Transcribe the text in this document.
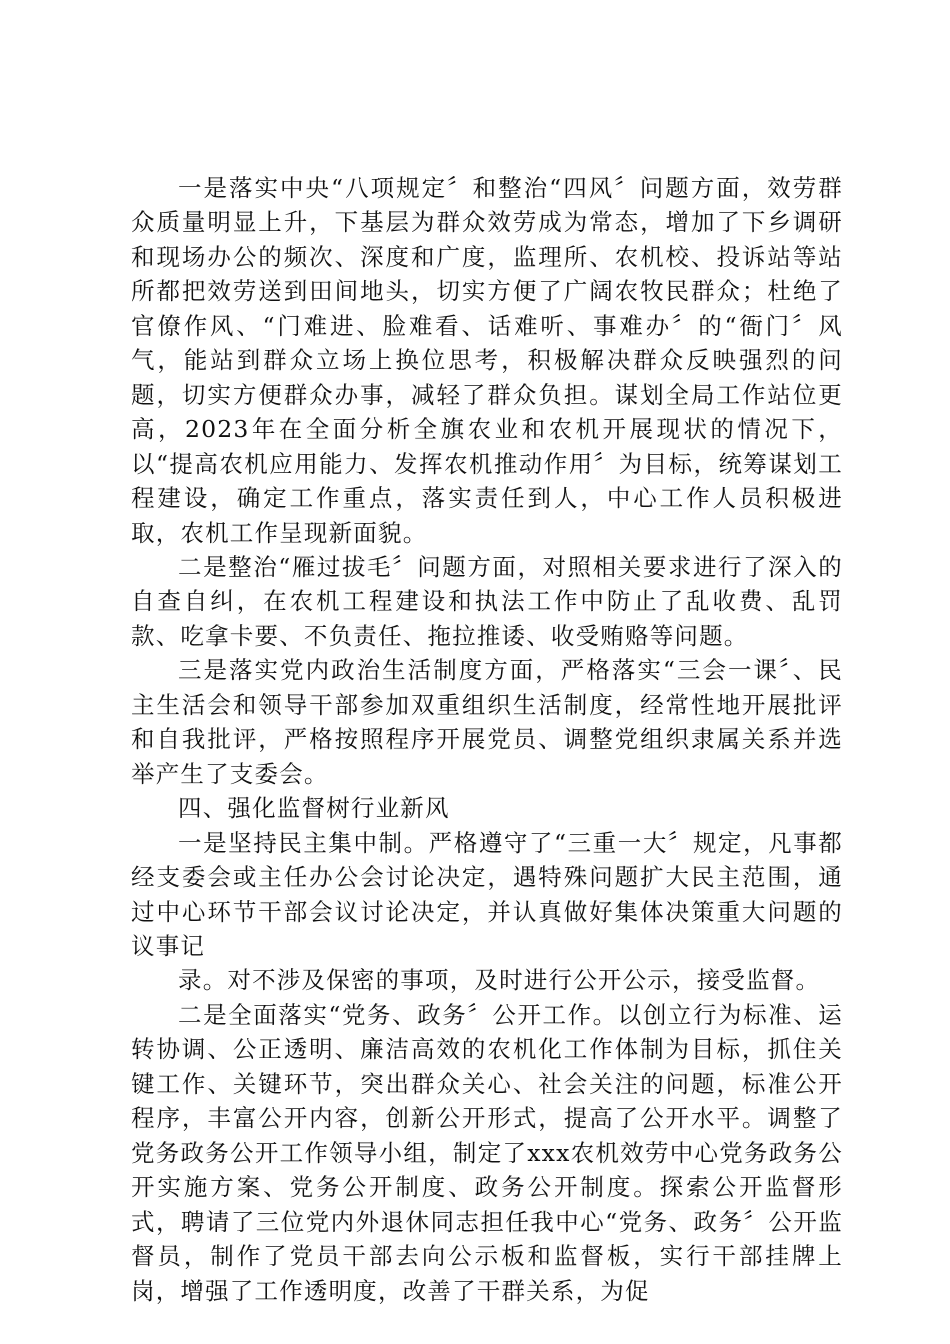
一是落实中央“八项规定〞和整治“四风〞问题方面，效劳群众质量明显上升，下基层为群众效劳成为常态，增加了下乡调研和现场办公的频次、深度和广度，监理所、农机校、投诉站等站所都把效劳送到田间地头，切实方便了广阔农牧民群众；杜绝了官僚作风、“门难进、脸难看、话难听、事难办〞的“衙门〞风气，能站到群众立场上换位思考，积极解决群众反映强烈的问题，切实方便群众办事，减轻了群众负担。谋划全局工作站位更高，2023年在全面分析全旗农业和农机开展现状的情况下，以“提高农机应用能力、发挥农机推动作用〞为目标，统筹谋划工程建设，确定工作重点，落实责任到人，中心工作人员积极进取，农机工作呈现新面貌。

二是整治“雁过拔毛〞问题方面，对照相关要求进行了深入的自查自纠，在农机工程建设和执法工作中防止了乱收费、乱罚款、吃拿卡要、不负责任、拖拉推诿、收受贿赂等问题。

三是落实党内政治生活制度方面，严格落实“三会一课〞、民主生活会和领导干部参加双重组织生活制度，经常性地开展批评和自我批评，严格按照程序开展党员、调整党组织隶属关系并选举产生了支委会。

四、强化监督树行业新风

一是坚持民主集中制。严格遵守了“三重一大〞规定，凡事都经支委会或主任办公会讨论决定，遇特殊问题扩大民主范围，通过中心环节干部会议讨论决定，并认真做好集体决策重大问题的议事记

录。对不涉及保密的事项，及时进行公开公示，接受监督。

二是全面落实“党务、政务〞公开工作。以创立行为标准、运转协调、公正透明、廉洁高效的农机化工作体制为目标，抓住关键工作、关键环节，突出群众关心、社会关注的问题，标准公开程序，丰富公开内容，创新公开形式，提高了公开水平。调整了党务政务公开工作领导小组，制定了xxx农机效劳中心党务政务公开实施方案、党务公开制度、政务公开制度。探索公开监督形式，聘请了三位党内外退休同志担任我中心“党务、政务〞公开监督员，制作了党员干部去向公示板和监督板，实行干部挂牌上岗，增强了工作透明度，改善了干群关系，为促
